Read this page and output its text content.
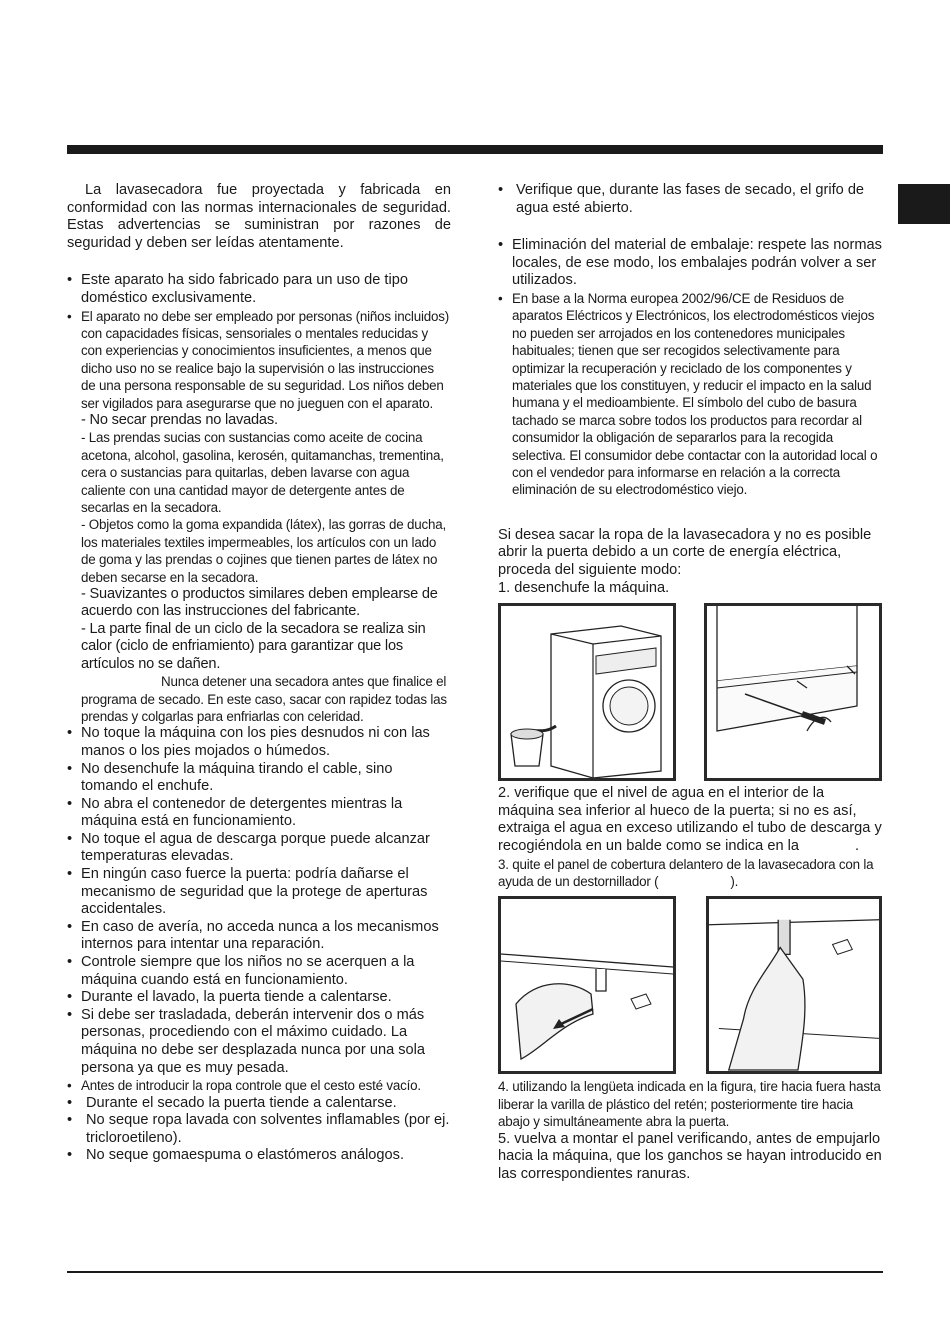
La lavasecadora fue proyectada y fabricada en conformidad con las normas internacionales de seguridad. Estas advertencias se suministran por razones de seguridad y deben ser leídas atentamente.

• Este aparato ha sido fabricado para un uso de tipo doméstico exclusivamente.
• El aparato no debe ser empleado por personas (niños incluidos) con capacidades físicas, sensoriales o mentales reducidas y con experiencias y conocimientos insuficientes, a menos que dicho uso no se realice bajo la supervisión o las instrucciones de una persona responsable de su seguridad. Los niños deben ser vigilados para asegurarse que no jueguen con el aparato.
- No secar prendas no lavadas.
- Las prendas sucias con sustancias como aceite de cocina acetona, alcohol, gasolina, kerosén, quitamanchas, trementina, cera o sustancias para quitarlas, deben lavarse con agua caliente con una cantidad mayor de detergente antes de secarlas en la secadora.
- Objetos como la goma expandida (látex), las gorras de ducha, los materiales textiles impermeables, los artículos con un lado de goma y las prendas o cojines que tienen partes de látex no deben secarse en la secadora.
- Suavizantes o productos similares deben emplearse de acuerdo con las instrucciones del fabricante.
- La parte final de un ciclo de la secadora se realiza sin calor (ciclo de enfriamiento) para garantizar que los artículos no se dañen.
Nunca detener una secadora antes que finalice el programa de secado. En este caso, sacar con rapidez todas las prendas y colgarlas para enfriarlas con celeridad.
• No toque la máquina con los pies desnudos ni con las manos o los pies mojados o húmedos.
• No desenchufe la máquina tirando el cable, sino tomando el enchufe.
• No abra el contenedor de detergentes mientras la máquina está en funcionamiento.
• No toque el agua de descarga porque puede alcanzar temperaturas elevadas.
• En ningún caso fuerce la puerta: podría dañarse el mecanismo de seguridad que la protege de aperturas accidentales.
• En caso de avería, no acceda nunca a los mecanismos internos para intentar una reparación.
• Controle siempre que los niños no se acerquen a la máquina cuando está en funcionamiento.
• Durante el lavado, la puerta tiende a calentarse.
• Si debe ser trasladada, deberán intervenir dos o más personas, procediendo con el máximo cuidado. La máquina no debe ser desplazada nunca por una sola persona ya que es muy pesada.
• Antes de introducir la ropa controle que el cesto esté vacío.
• Durante el secado la puerta tiende a calentarse.
• No seque ropa lavada con solventes inflamables (por ej. tricloroetileno).
• No seque gomaespuma o elastómeros análogos.
• Verifique que, durante las fases de secado, el grifo de agua esté abierto.
• Eliminación del material de embalaje: respete las normas locales, de ese modo, los embalajes podrán volver a ser utilizados.
• En base a la Norma europea 2002/96/CE de Residuos de aparatos Eléctricos y Electrónicos, los electrodomésticos viejos no pueden ser arrojados en los contenedores municipales habituales; tienen que ser recogidos selectivamente para optimizar la recuperación y reciclado de los componentes y materiales que los constituyen, y reducir el impacto en la salud humana y el medioambiente. El símbolo del cubo de basura tachado se marca sobre todos los productos para recordar al consumidor la obligación de separarlos para la recogida selectiva. El consumidor debe contactar con la autoridad local o con el vendedor para informarse en relación a la correcta eliminación de su electrodoméstico viejo.

Si desea sacar la ropa de la lavasecadora y no es posible abrir la puerta debido a un corte de energía eléctrica, proceda del siguiente modo:

1. desenchufe la máquina.

2. verifique que el nivel de agua en el interior de la máquina sea inferior al hueco de la puerta; si no es así, extraiga el agua en exceso utilizando el tubo de descarga y recogiéndola en un balde como se indica en la	.

3. quite el panel de cobertura delantero de la lavasecadora con la ayuda de un destornillador (	).

4. utilizando la lengüeta indicada en la figura, tire hacia fuera hasta liberar la varilla de plástico del retén; posteriormente tire hacia abajo y simultáneamente abra la puerta.

5. vuelva a montar el panel verificando, antes de empujarlo hacia la máquina, que los ganchos se hayan introducido en las correspondientes ranuras.
